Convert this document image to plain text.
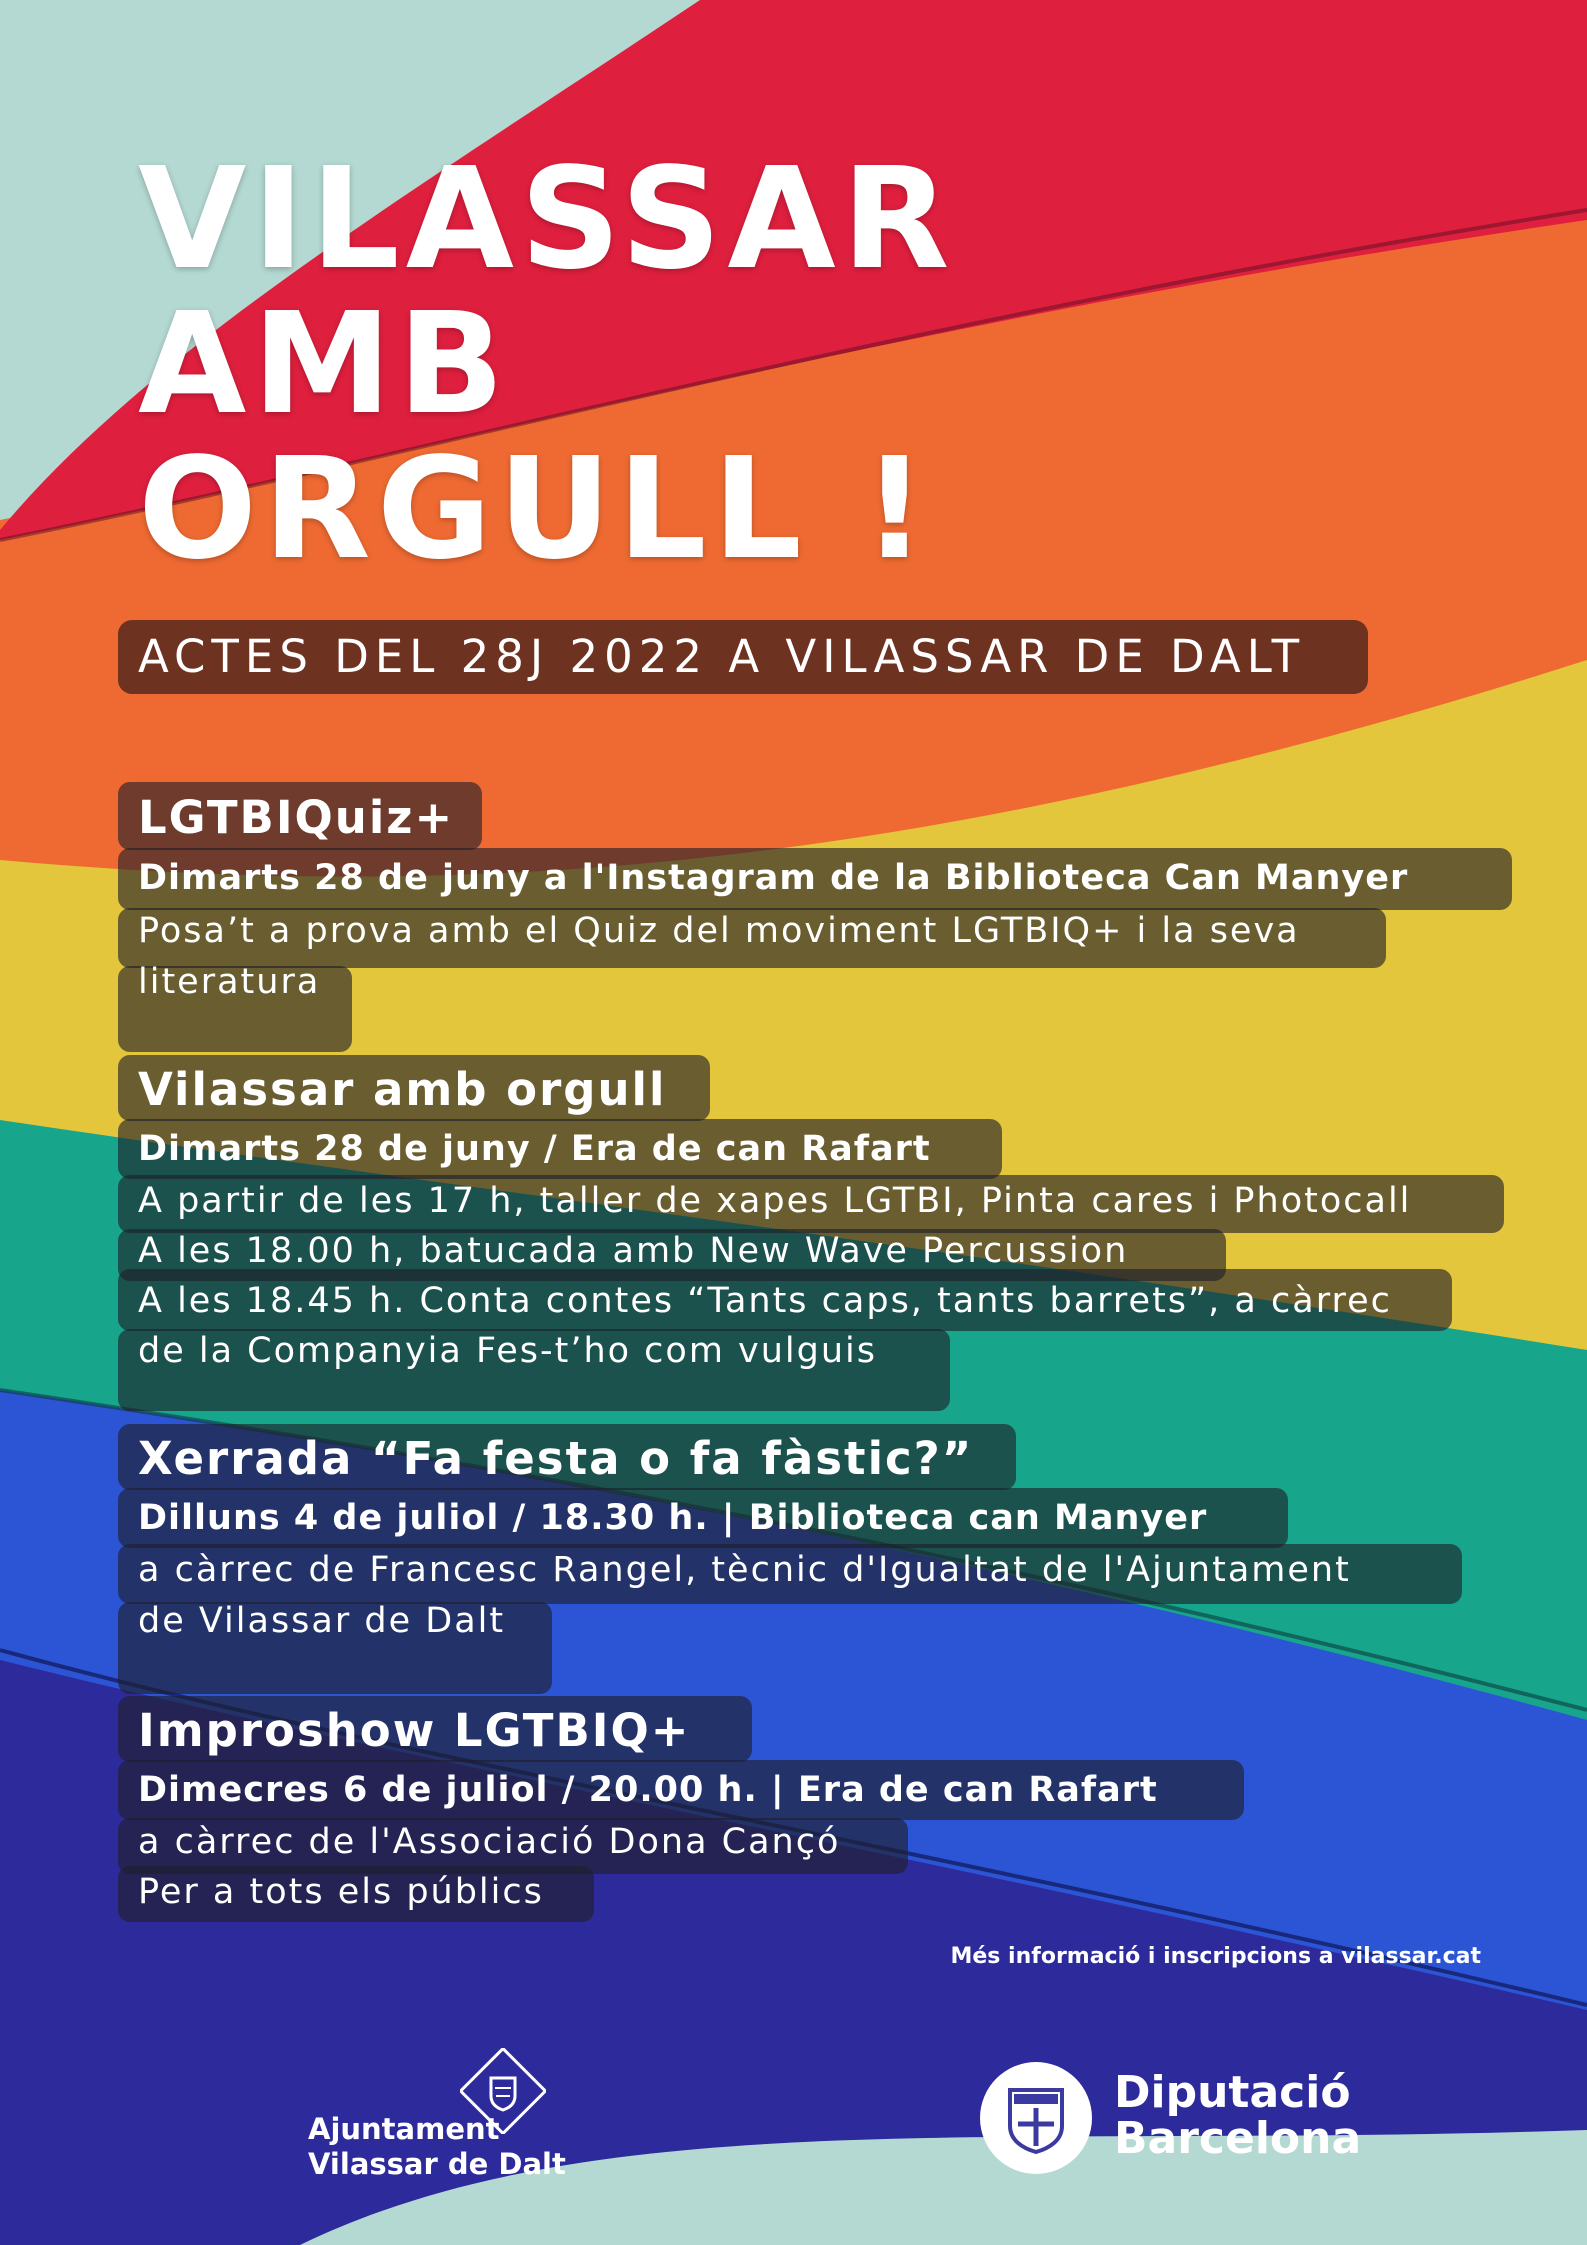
VILASSAR
AMB
ORGULL !
ACTES DEL 28J 2022 A VILASSAR DE DALT
LGTBIQuiz+
Dimarts 28 de juny a l'Instagram de la Biblioteca Can Manyer
Posa’t a prova amb el Quiz del moviment LGTBIQ+ i la seva
literatura
Vilassar amb orgull
Dimarts 28 de juny / Era de can Rafart
A partir de les 17 h, taller de xapes LGTBI, Pinta cares i Photocall
A les 18.00 h, batucada amb New Wave Percussion
A les 18.45 h. Conta contes “Tants caps, tants barrets”, a càrrec
de la Companyia Fes-t’ho com vulguis
Xerrada “Fa festa o fa fàstic?”
Dilluns 4 de juliol / 18.30 h. | Biblioteca can Manyer
a càrrec de Francesc Rangel, tècnic d'Igualtat de l'Ajuntament
de Vilassar de Dalt
Improshow LGTBIQ+
Dimecres 6 de juliol / 20.00 h. | Era de can Rafart
a càrrec de l'Associació Dona Cançó
Per a tots els públics
Més informació i inscripcions a vilassar.cat
Ajuntament
Vilassar de Dalt
Diputació
Barcelona
